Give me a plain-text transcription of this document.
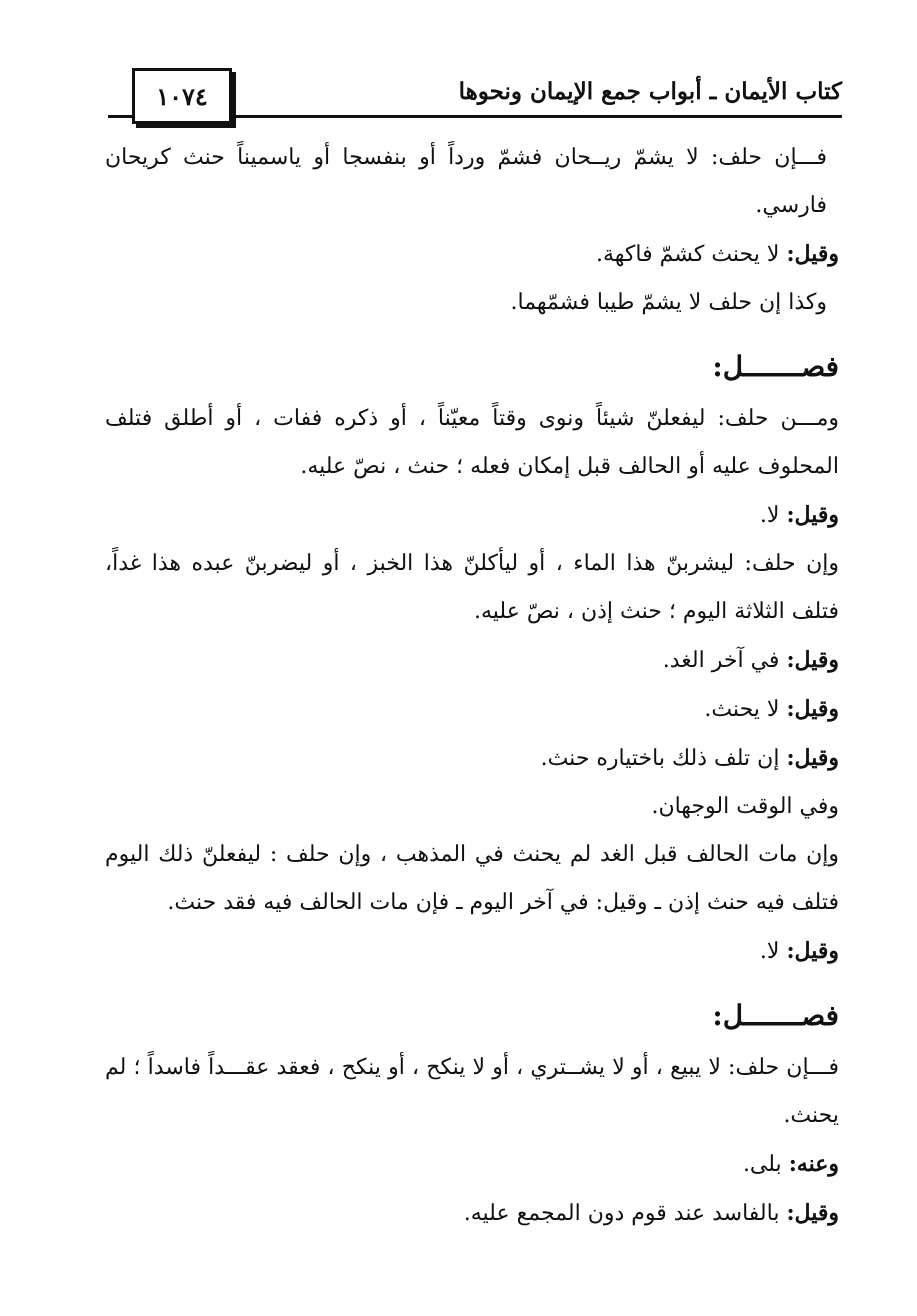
كتاب الأيمان ـ أبواب جمع الإيمان ونحوها
١٠٧٤

فـــإن حلف: لا يشمّ ريــحان فشمّ ورداً أو بنفسجا أو ياسميناً حنث كريحان فارسي.

وقيل: لا يحنث كشمّ فاكهة.

وكذا إن حلف لا يشمّ طيبا فشمّهما.

فصـــــــل:

ومـــن حلف: ليفعلنّ شيئاً ونوى وقتاً معيّناً ، أو ذكره ففات ، أو أطلق فتلف المحلوف عليه أو الحالف قبل إمكان فعله ؛ حنث ، نصّ عليه.

وقيل: لا.

وإن حلف: ليشربنّ هذا الماء ، أو ليأكلنّ هذا الخبز ، أو ليضربنّ عبده هذا غداً، فتلف الثلاثة اليوم ؛ حنث إذن ، نصّ عليه.

وقيل: في آخر الغد.

وقيل: لا يحنث.

وقيل: إن تلف ذلك باختياره حنث.

وفي الوقت الوجهان.

وإن مات الحالف قبل الغد لم يحنث في المذهب ، وإن حلف : ليفعلنّ ذلك اليوم فتلف فيه حنث إذن ـ وقيل: في آخر اليوم ـ فإن مات الحالف فيه فقد حنث.

وقيل: لا.

فصـــــــل:

فـــإن حلف: لا يبيع ، أو لا يشــتري ، أو لا ينكح ، أو ينكح ، فعقد عقـــداً فاسداً ؛ لم يحنث.

وعنه: بلى.

وقيل: بالفاسد عند قوم دون المجمع عليه.
